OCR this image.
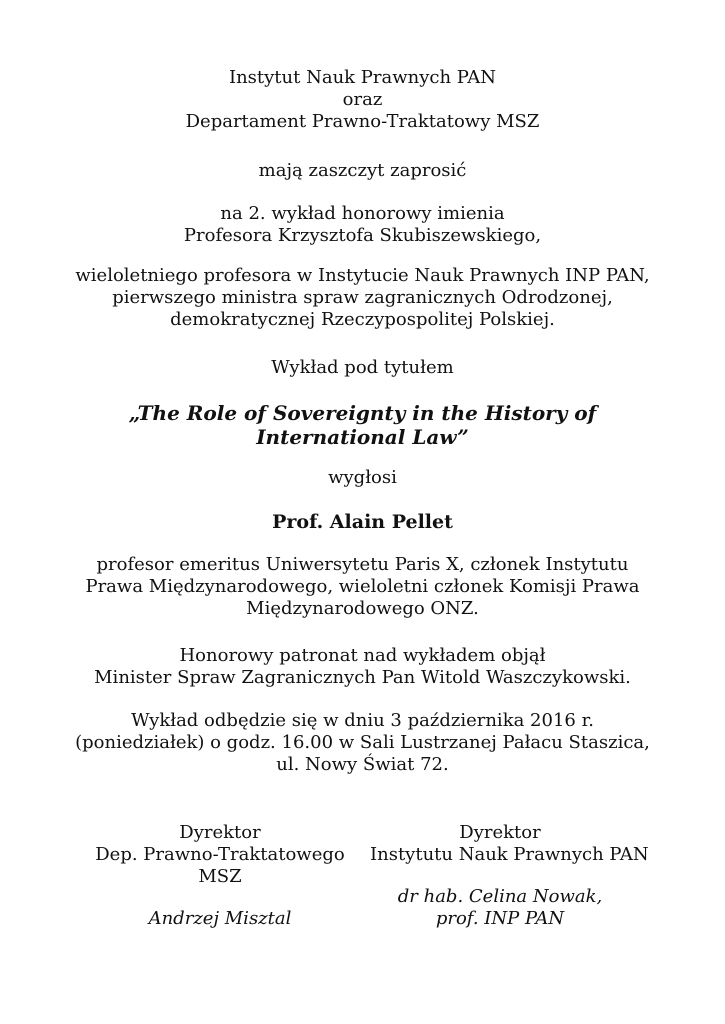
Instytut Nauk Prawnych PAN
oraz
Departament Prawno-Traktatowy MSZ
mają zaszczyt zaprosić
na 2. wykład honorowy imienia
Profesora Krzysztofa Skubiszewskiego,
wieloletniego profesora w Instytucie Nauk Prawnych INP PAN,
pierwszego ministra spraw zagranicznych Odrodzonej,
demokratycznej Rzeczypospolitej Polskiej.
Wykład pod tytułem
„The Role of Sovereignty in the History of
International Law”
wygłosi
Prof. Alain Pellet
profesor emeritus Uniwersytetu Paris X, członek Instytutu
Prawa Międzynarodowego, wieloletni członek Komisji Prawa
Międzynarodowego ONZ.
Honorowy patronat nad wykładem objął
Minister Spraw Zagranicznych Pan Witold Waszczykowski.
Wykład odbędzie się w dniu 3 października 2016 r.
(poniedziałek) o godz. 16.00 w Sali Lustrzanej Pałacu Staszica,
ul. Nowy Świat 72.
Dyrektor
Dep. Prawno-Traktatowego
MSZ
Andrzej Misztal
Dyrektor
Instytutu Nauk Prawnych PAN
dr hab. Celina Nowak,
prof. INP PAN
